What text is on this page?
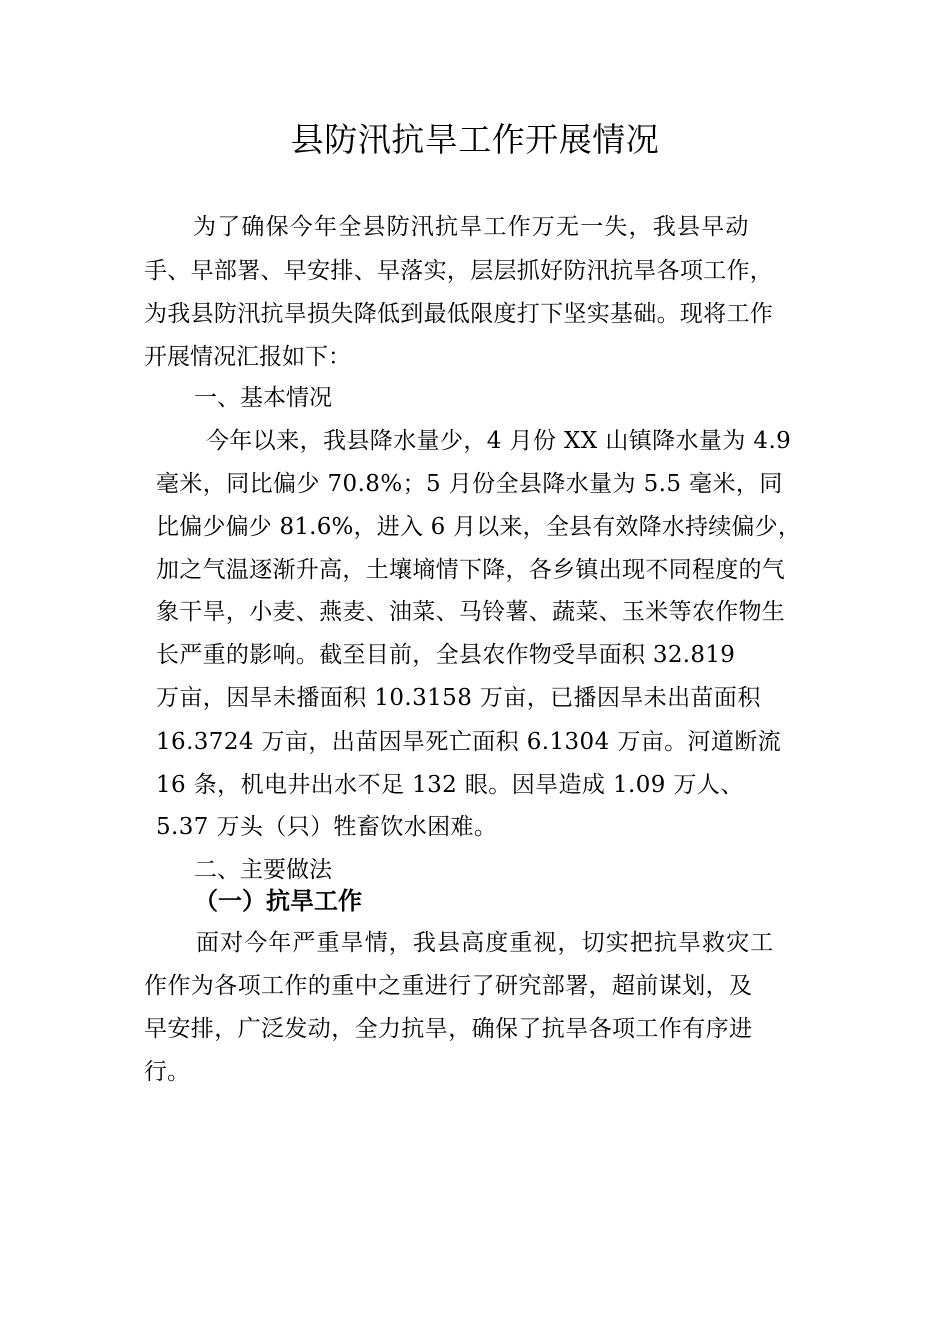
县防汛抗旱工作开展情况
为了确保今年全县防汛抗旱工作万无一失，我县早动
手、早部署、早安排、早落实，层层抓好防汛抗旱各项工作，
为我县防汛抗旱损失降低到最低限度打下坚实基础。现将工作
开展情况汇报如下：
一、基本情况
今年以来，我县降水量少，4 月份 XX 山镇降水量为 4.9
毫米，同比偏少 70.8%；5 月份全县降水量为 5.5 毫米，同
比偏少偏少 81.6%，进入 6 月以来，全县有效降水持续偏少，
加之气温逐渐升高，土壤墒情下降，各乡镇出现不同程度的气
象干旱，小麦、燕麦、油菜、马铃薯、蔬菜、玉米等农作物生
长严重的影响。截至目前，全县农作物受旱面积 32.819
万亩，因旱未播面积 10.3158 万亩，已播因旱未出苗面积
16.3724 万亩，出苗因旱死亡面积 6.1304 万亩。河道断流
16 条，机电井出水不足 132 眼。因旱造成 1.09 万人、
5.37 万头（只）牲畜饮水困难。
二、主要做法
（一）抗旱工作
面对今年严重旱情，我县高度重视，切实把抗旱救灾工
作作为各项工作的重中之重进行了研究部署，超前谋划，及
早安排，广泛发动，全力抗旱，确保了抗旱各项工作有序进
行。
